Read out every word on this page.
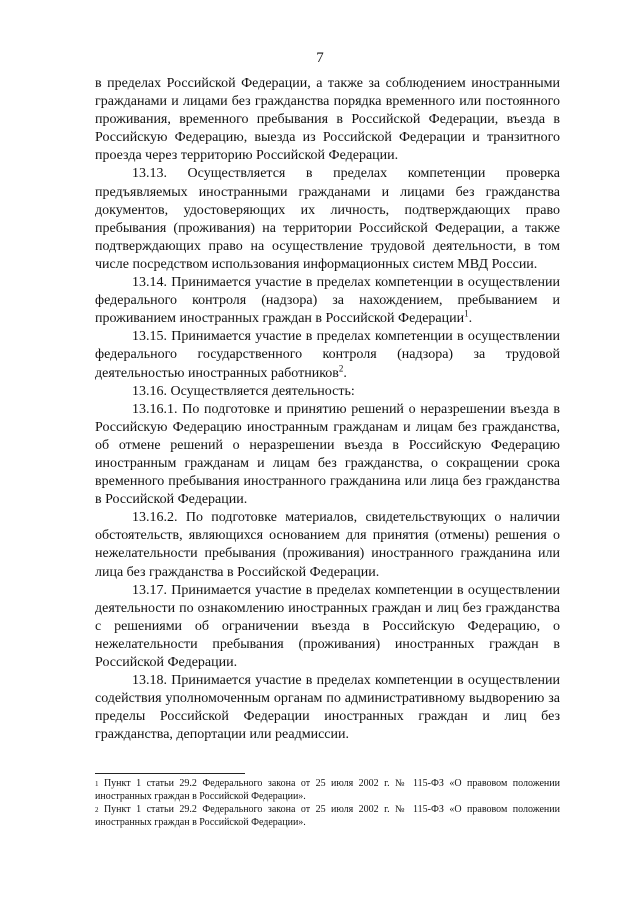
7

в пределах Российской Федерации, а также за соблюдением иностранными гражданами и лицами без гражданства порядка временного или постоянного проживания, временного пребывания в Российской Федерации, въезда в Российскую Федерацию, выезда из Российской Федерации и транзитного проезда через территорию Российской Федерации.

13.13. Осуществляется в пределах компетенции проверка предъявляемых иностранными гражданами и лицами без гражданства документов, удостоверяющих их личность, подтверждающих право пребывания (проживания) на территории Российской Федерации, а также подтверждающих право на осуществление трудовой деятельности, в том числе посредством использования информационных систем МВД России.

13.14. Принимается участие в пределах компетенции в осуществлении федерального контроля (надзора) за нахождением, пребыванием и проживанием иностранных граждан в Российской Федерации$^1$.

13.15. Принимается участие в пределах компетенции в осуществлении федерального государственного контроля (надзора) за трудовой деятельностью иностранных работников$^2$.

13.16. Осуществляется деятельность:

13.16.1. По подготовке и принятию решений о неразрешении въезда в Российскую Федерацию иностранным гражданам и лицам без гражданства, об отмене решений о неразрешении въезда в Российскую Федерацию иностранным гражданам и лицам без гражданства, о сокращении срока временного пребывания иностранного гражданина или лица без гражданства в Российской Федерации.

13.16.2. По подготовке материалов, свидетельствующих о наличии обстоятельств, являющихся основанием для принятия (отмены) решения о нежелательности пребывания (проживания) иностранного гражданина или лица без гражданства в Российской Федерации.

13.17. Принимается участие в пределах компетенции в осуществлении деятельности по ознакомлению иностранных граждан и лиц без гражданства с решениями об ограничении въезда в Российскую Федерацию, о нежелательности пребывания (проживания) иностранных граждан в Российской Федерации.

13.18. Принимается участие в пределах компетенции в осуществлении содействия уполномоченным органам по административному выдворению за пределы Российской Федерации иностранных граждан и лиц без гражданства, депортации или реадмиссии.

$^1$ Пункт 1 статьи 29.2 Федерального закона от 25 июля 2002 г. № 115-ФЗ «О правовом положении иностранных граждан в Российской Федерации».

$^2$ Пункт 1 статьи 29.2 Федерального закона от 25 июля 2002 г. № 115-ФЗ «О правовом положении иностранных граждан в Российской Федерации».
